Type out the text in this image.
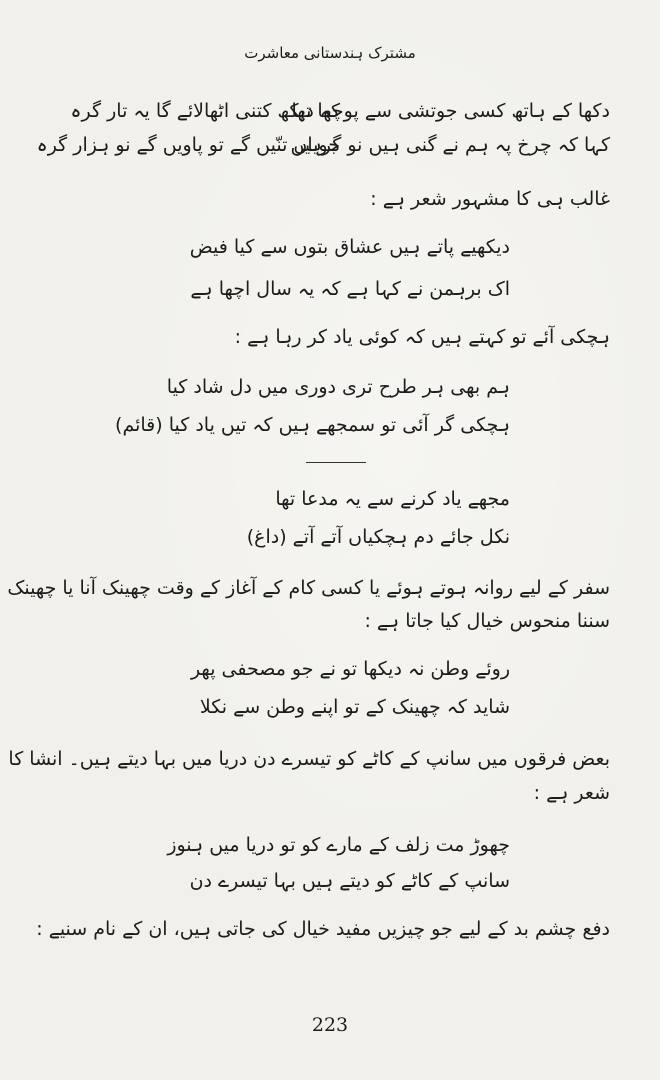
مشترک ہندستانی معاشرت
دکھا کے ہاتھ کسی جوتشی سے پوچھا تھا
کہ دیکھ کتنی اٹھالائے گا یہ تار گرہ
کہا کہ چرخ پہ ہم نے گنی ہیں نو گرہیں
جویاں تنّیں گے تو پاویں گے نو ہزار گرہ
غالب ہی کا مشہور شعر ہے :
دیکھیے پاتے ہیں عشاق بتوں سے کیا فیض
اک برہمن نے کہا ہے کہ یہ سال اچھا ہے
ہچکی آئے تو کہتے ہیں کہ کوئی یاد کر رہا ہے :
ہم بھی ہر طرح تری دوری میں دل شاد کیا
ہچکی گر آئی تو سمجھے ہیں کہ تیں یاد کیا (قائم)
مجھے یاد کرنے سے یہ مدعا تھا
نکل جائے دم ہچکیاں آتے آتے (داغ)
سفر کے لیے روانہ ہوتے ہوئے یا کسی کام کے آغاز کے وقت چھینک آنا یا چھینک
سننا منحوس خیال کیا جاتا ہے :
روئے وطن نہ دیکھا تو نے جو مصحفی پھر
شاید کہ چھینک کے تو اپنے وطن سے نکلا
بعض فرقوں میں سانپ کے کاٹے کو تیسرے دن دریا میں بہا دیتے ہیں۔ انشا کا
شعر ہے :
چھوڑ مت زلف کے مارے کو تو دریا میں ہنوز
سانپ کے کاٹے کو دیتے ہیں بہا تیسرے دن
دفع چشم بد کے لیے جو چیزیں مفید خیال کی جاتی ہیں، ان کے نام سنیے :
223
